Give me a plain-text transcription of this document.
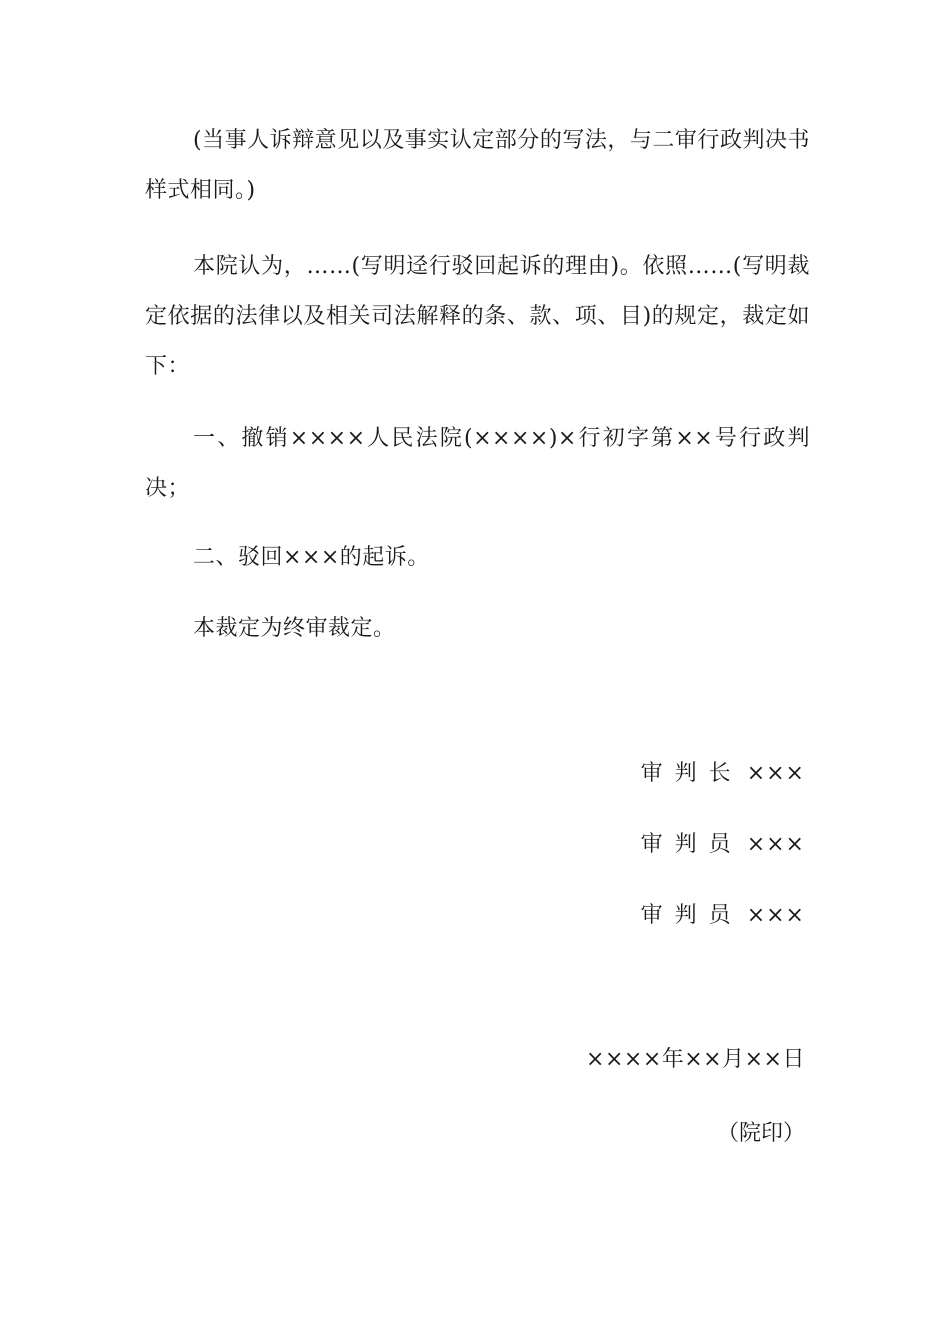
(当事人诉辩意见以及事实认定部分的写法，与二审行政判决书样式相同。)

本院认为，……(写明迳行驳回起诉的理由)。依照……(写明裁定依据的法律以及相关司法解释的条、款、项、目)的规定，裁定如下：

一、撤销××××人民法院(××××)×行初字第××号行政判决；

二、驳回×××的起诉。

本裁定为终审裁定。

审判长 ×××
审判员 ×××
审判员 ×××
××××年××月××日
（院印）
